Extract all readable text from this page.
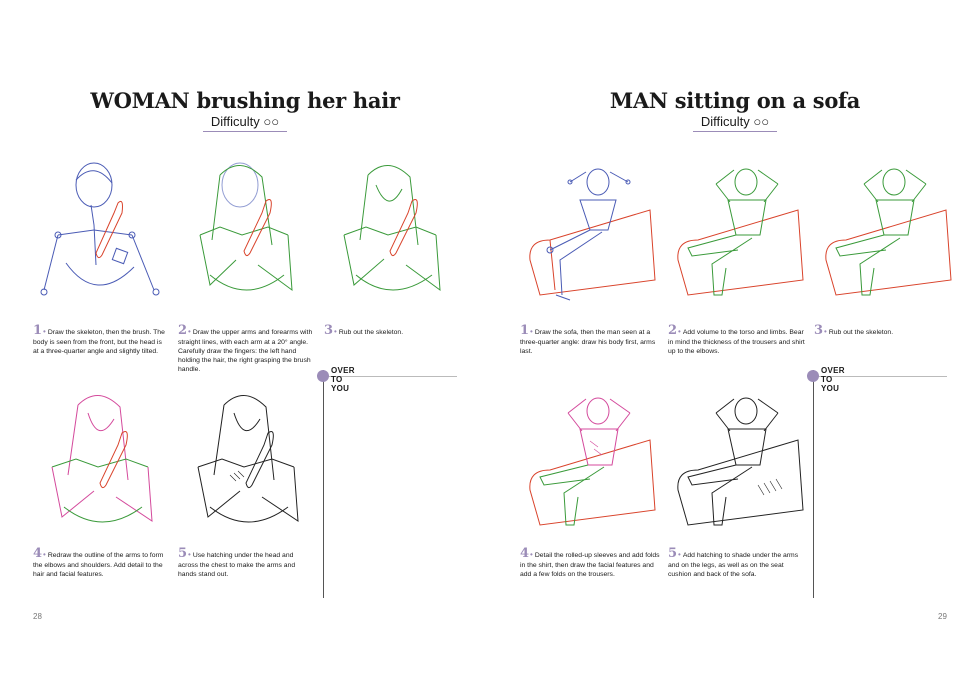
WOMAN brushing her hair
Difficulty ○○
1• Draw the skeleton, then the brush. The body is seen from the front, but the head is at a three-quarter angle and slightly tilted.
2• Draw the upper arms and forearms with straight lines, with each arm at a 20° angle. Carefully draw the fingers: the left hand holding the hair, the right grasping the brush handle.
3• Rub out the skeleton.
OVER TO YOU
4• Redraw the outline of the arms to form the elbows and shoulders. Add detail to the hair and facial features.
5• Use hatching under the head and across the chest to make the arms and hands stand out.
28
MAN sitting on a sofa
Difficulty ○○
1• Draw the sofa, then the man seen at a three-quarter angle: draw his body first, arms last.
2• Add volume to the torso and limbs. Bear in mind the thickness of the trousers and shirt up to the elbows.
3• Rub out the skeleton.
OVER TO YOU
4• Detail the rolled-up sleeves and add folds in the shirt, then draw the facial features and add a few folds on the trousers.
5• Add hatching to shade under the arms and on the legs, as well as on the seat cushion and back of the sofa.
29
